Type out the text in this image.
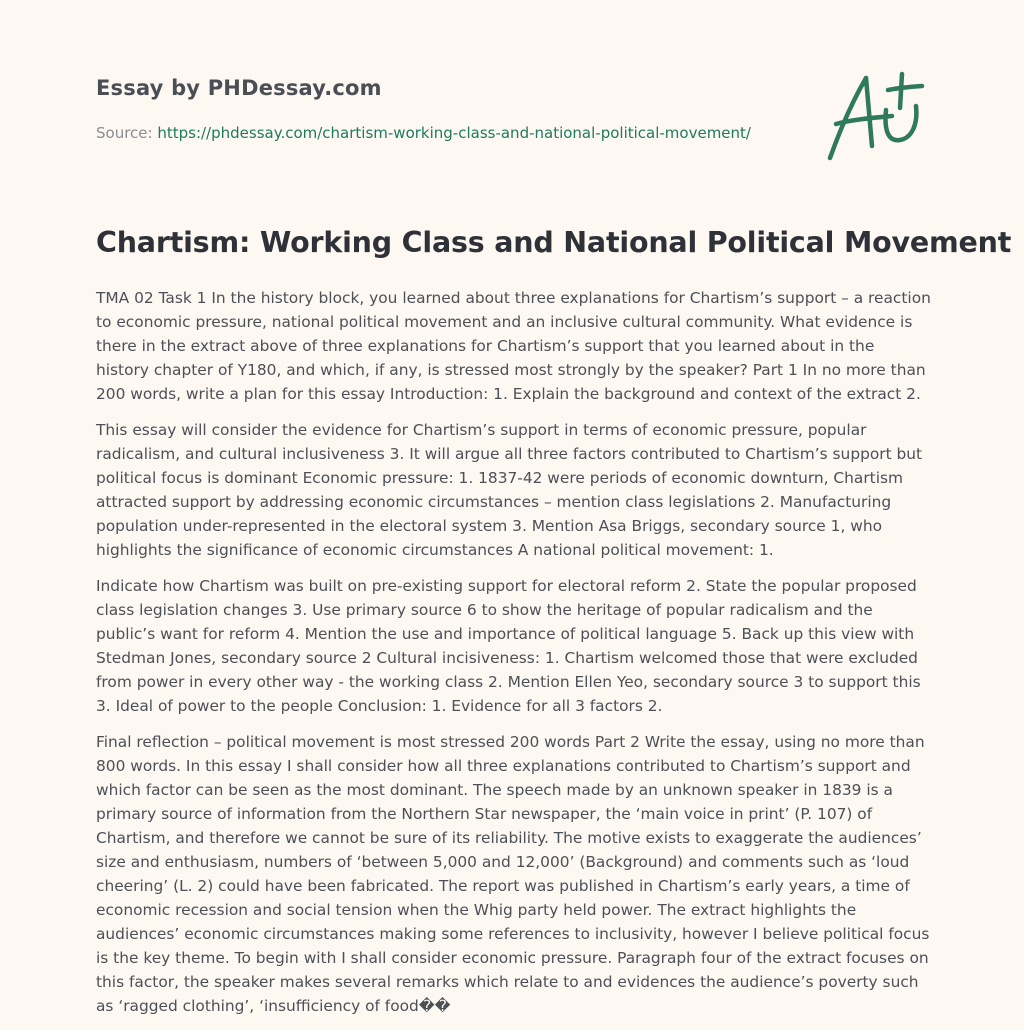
Essay by PHDessay.com
Source: https://phdessay.com/chartism-working-class-and-national-political-movement/
Chartism: Working Class and National Political Movement

TMA 02 Task 1 In the history block, you learned about three explanations for Chartism’s support – a reaction to economic pressure, national political movement and an inclusive cultural community. What evidence is there in the extract above of three explanations for Chartism’s support that you learned about in the history chapter of Y180, and which, if any, is stressed most strongly by the speaker? Part 1 In no more than 200 words, write a plan for this essay Introduction: 1. Explain the background and context of the extract 2.

This essay will consider the evidence for Chartism’s support in terms of economic pressure, popular radicalism, and cultural inclusiveness 3. It will argue all three factors contributed to Chartism’s support but political focus is dominant Economic pressure: 1. 1837-42 were periods of economic downturn, Chartism attracted support by addressing economic circumstances – mention class legislations 2. Manufacturing population under-represented in the electoral system 3. Mention Asa Briggs, secondary source 1, who highlights the significance of economic circumstances A national political movement: 1.

Indicate how Chartism was built on pre-existing support for electoral reform 2. State the popular proposed class legislation changes 3. Use primary source 6 to show the heritage of popular radicalism and the public’s want for reform 4. Mention the use and importance of political language 5. Back up this view with Stedman Jones, secondary source 2 Cultural incisiveness: 1. Chartism welcomed those that were excluded from power in every other way - the working class 2. Mention Ellen Yeo, secondary source 3 to support this 3. Ideal of power to the people Conclusion: 1. Evidence for all 3 factors 2.

Final reflection – political movement is most stressed 200 words Part 2 Write the essay, using no more than 800 words. In this essay I shall consider how all three explanations contributed to Chartism’s support and which factor can be seen as the most dominant. The speech made by an unknown speaker in 1839 is a primary source of information from the Northern Star newspaper, the ‘main voice in print’ (P. 107) of Chartism, and therefore we cannot be sure of its reliability. The motive exists to exaggerate the audiences’ size and enthusiasm, numbers of ‘between 5,000 and 12,000’ (Background) and comments such as ‘loud cheering’ (L. 2) could have been fabricated. The report was published in Chartism’s early years, a time of economic recession and social tension when the Whig party held power. The extract highlights the audiences’ economic circumstances making some references to inclusivity, however I believe political focus is the key theme. To begin with I shall consider economic pressure. Paragraph four of the extract focuses on this factor, the speaker makes several remarks which relate to and evidences the audience’s poverty such as ‘ragged clothing’, ‘insufficiency of food��
